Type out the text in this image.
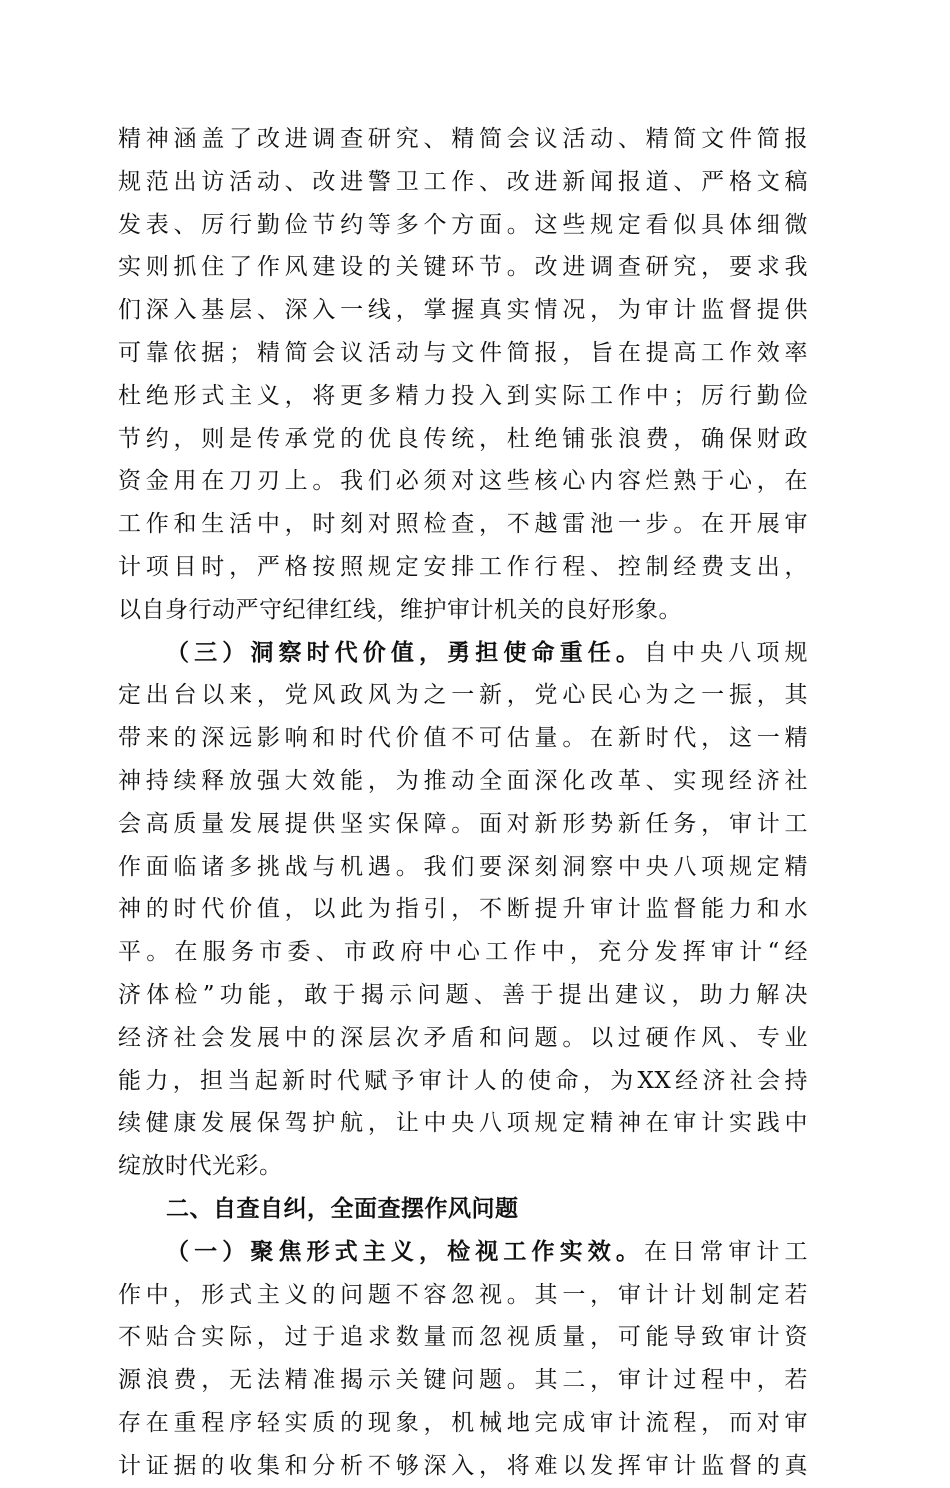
精神涵盖了改进调查研究、精简会议活动、精简文件简报
规范出访活动、改进警卫工作、改进新闻报道、严格文稿
发表、厉行勤俭节约等多个方面。这些规定看似具体细微
实则抓住了作风建设的关键环节。改进调查研究，要求我
们深入基层、深入一线，掌握真实情况，为审计监督提供
可靠依据；精简会议活动与文件简报，旨在提高工作效率
杜绝形式主义，将更多精力投入到实际工作中；厉行勤俭
节约，则是传承党的优良传统，杜绝铺张浪费，确保财政
资金用在刀刃上。我们必须对这些核心内容烂熟于心，在
工作和生活中，时刻对照检查，不越雷池一步。在开展审
计项目时，严格按照规定安排工作行程、控制经费支出，
以自身行动严守纪律红线，维护审计机关的良好形象。
（三）洞察时代价值，勇担使命重任。自中央八项规
定出台以来，党风政风为之一新，党心民心为之一振，其
带来的深远影响和时代价值不可估量。在新时代，这一精
神持续释放强大效能，为推动全面深化改革、实现经济社
会高质量发展提供坚实保障。面对新形势新任务，审计工
作面临诸多挑战与机遇。我们要深刻洞察中央八项规定精
神的时代价值，以此为指引，不断提升审计监督能力和水
平。在服务市委、市政府中心工作中，充分发挥审计“经
济体检”功能，敢于揭示问题、善于提出建议，助力解决
经济社会发展中的深层次矛盾和问题。以过硬作风、专业
能力，担当起新时代赋予审计人的使命，为XX经济社会持
续健康发展保驾护航，让中央八项规定精神在审计实践中
绽放时代光彩。
二、自查自纠，全面查摆作风问题
（一）聚焦形式主义，检视工作实效。在日常审计工
作中，形式主义的问题不容忽视。其一，审计计划制定若
不贴合实际，过于追求数量而忽视质量，可能导致审计资
源浪费，无法精准揭示关键问题。其二，审计过程中，若
存在重程序轻实质的现象，机械地完成审计流程，而对审
计证据的收集和分析不够深入，将难以发挥审计监督的真
